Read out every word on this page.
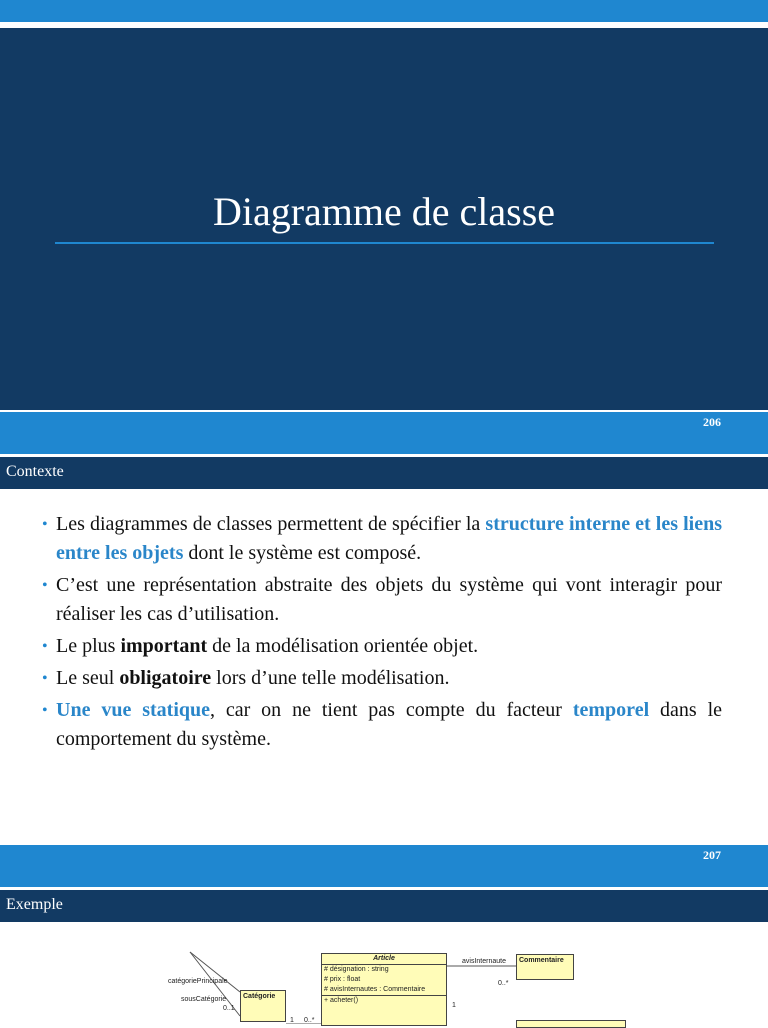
Diagramme de classe
206
Contexte
• Les diagrammes de classes permettent de spécifier la structure interne et les liens entre les objets dont le système est composé.
• C’est une représentation abstraite des objets du système qui vont interagir pour réaliser les cas d’utilisation.
• Le plus important de la modélisation orientée objet.
• Le seul obligatoire lors d’une telle modélisation.
• Une vue statique, car on ne tient pas compte du facteur temporel dans le comportement du système.
207
Exemple
Article
# désignation : string
# prix : float
# avisInternautes : Commentaire
+ acheter()
Commentaire
Catégorie
avisInternaute
0..*
catégoriePrincipale
sousCatégorie
0..1
1 0..*
1
